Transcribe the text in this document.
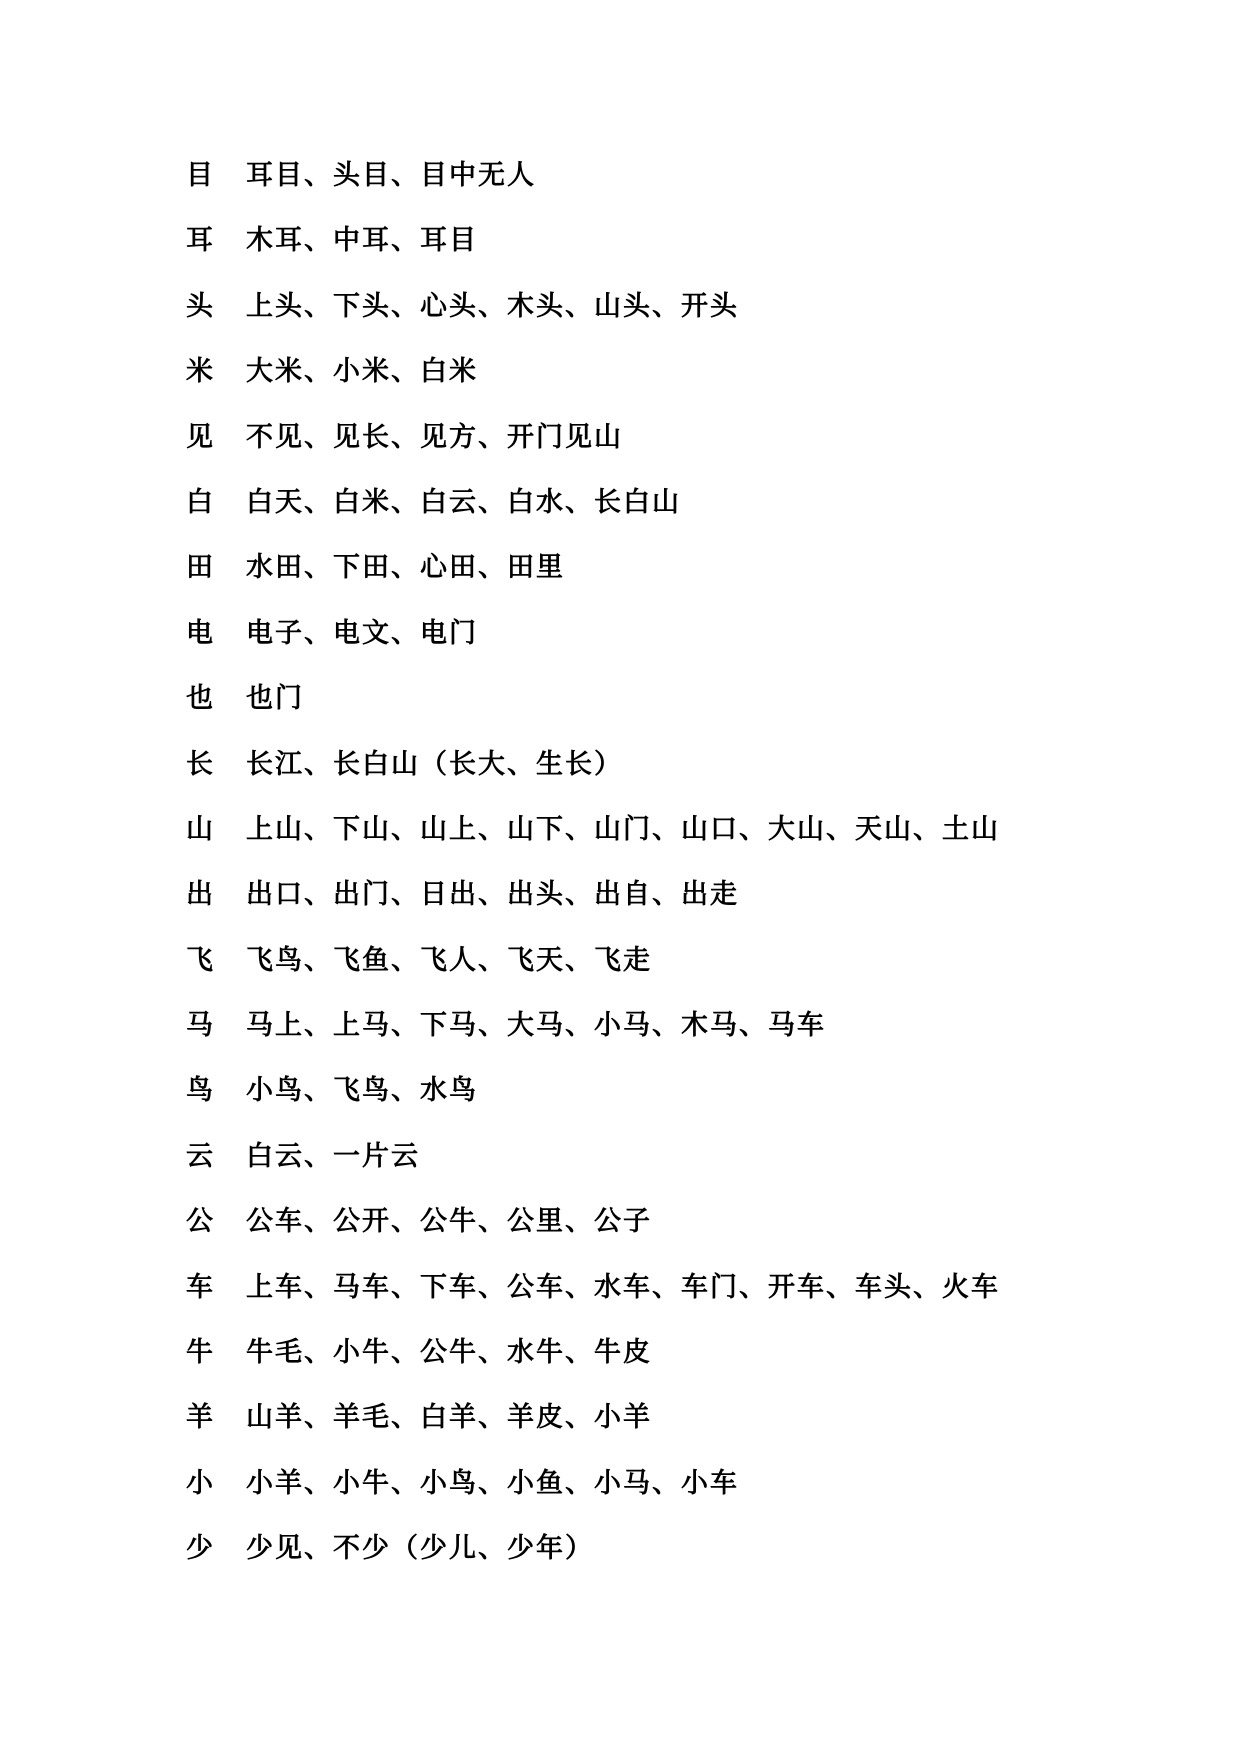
目	耳目、头目、目中无人
耳	木耳、中耳、耳目
头	上头、下头、心头、木头、山头、开头
米	大米、小米、白米
见	不见、见长、见方、开门见山
白	白天、白米、白云、白水、长白山
田	水田、下田、心田、田里
电	电子、电文、电门
也	也门
长	长江、长白山（长大、生长）
山	上山、下山、山上、山下、山门、山口、大山、天山、土山
出	出口、出门、日出、出头、出自、出走
飞	飞鸟、飞鱼、飞人、飞天、飞走
马	马上、上马、下马、大马、小马、木马、马车
鸟	小鸟、飞鸟、水鸟
云	白云、一片云
公	公车、公开、公牛、公里、公子
车	上车、马车、下车、公车、水车、车门、开车、车头、火车
牛	牛毛、小牛、公牛、水牛、牛皮
羊	山羊、羊毛、白羊、羊皮、小羊
小	小羊、小牛、小鸟、小鱼、小马、小车
少	少见、不少（少儿、少年）
